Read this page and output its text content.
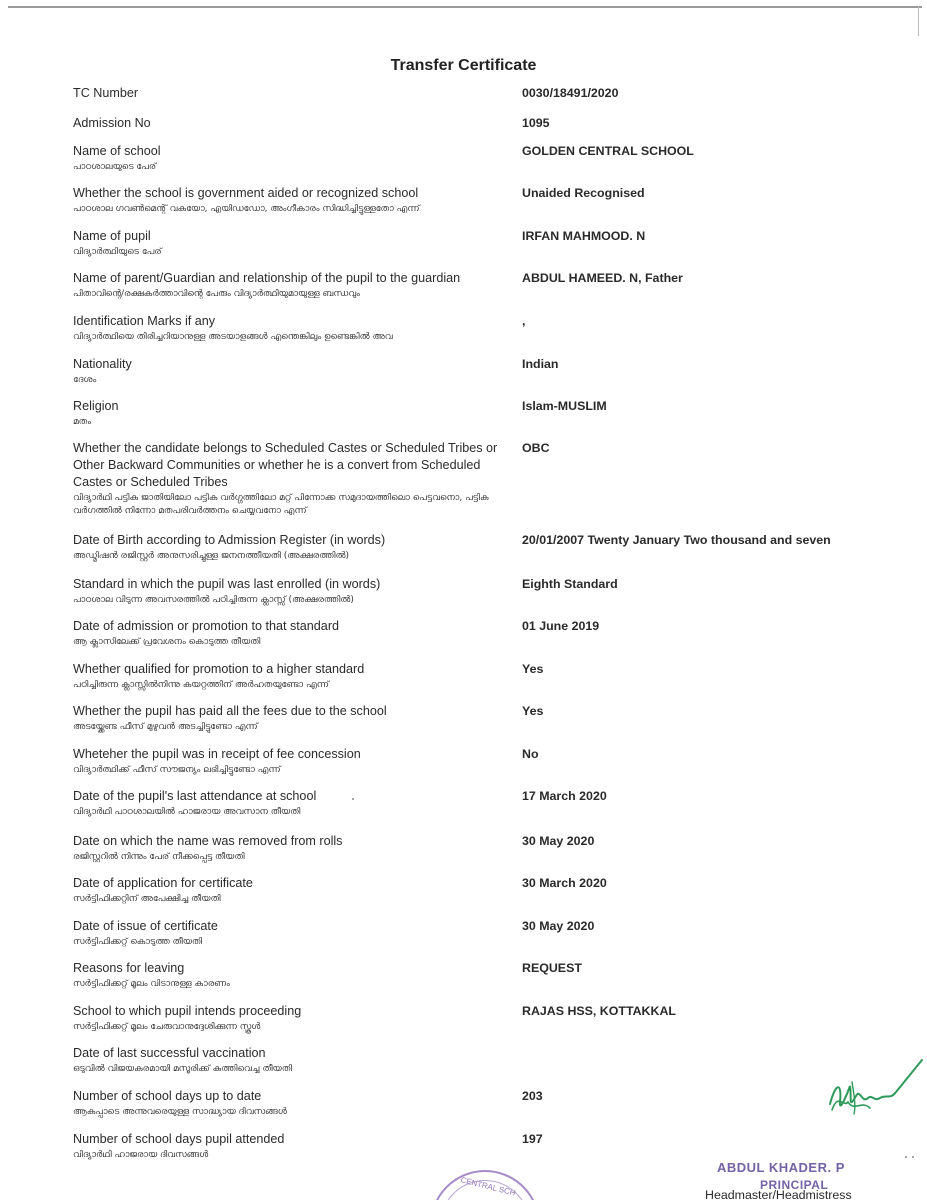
Transfer Certificate
TC Number	0030/18491/2020
Admission No	1095
Name of school
പാഠശാലയുടെ പേര്
GOLDEN CENTRAL SCHOOL
Whether the school is government aided or recognized school
പാഠശാല ഗവണ്‍മെന്റ് വകയോ, എയിഡഡോ, അംഗീകാരം സിദ്ധിച്ചിട്ടുള്ളതോ എന്ന്
Unaided Recognised
Name of pupil
വിദ്യാര്‍ത്ഥിയുടെ പേര്
IRFAN MAHMOOD. N
Name of parent/Guardian and relationship of the pupil to the guardian
പിതാവിന്റെ/രക്ഷകര്‍ത്താവിന്റെ പേരും വിദ്യാര്‍ത്ഥിയുമായുള്ള ബന്ധവും
ABDUL HAMEED. N, Father
Identification Marks if any
വിദ്യാര്‍ത്ഥിയെ തിരിച്ചറിയാനുള്ള അടയാളങ്ങള്‍ എന്തെങ്കിലും ഉണ്ടെങ്കില്‍ അവ
,
Nationality
ദേശം
Indian
Religion
മതം
Islam-MUSLIM
Whether the candidate belongs to Scheduled Castes or Scheduled Tribes or Other Backward Communities or whether he is a convert from Scheduled Castes or Scheduled Tribes
വിദ്യാര്‍ഥി പട്ടിക ജാതിയിലോ പട്ടിക വര്‍ഗ്ഗത്തിലോ മറ്റ് പിന്നോക്ക സമുദായത്തിലൊ പെട്ടവനൊ, പട്ടിക വര്‍ഗത്തില്‍ നിന്നോ മതപരിവര്‍ത്തനം ചെയ്യവനോ എന്ന്
OBC
Date of Birth according to Admission Register (in words)
അഡ്മിഷന്‍ രജിസ്റ്റര്‍ അനുസരിച്ചുള്ള ജനനത്തീയതി (അക്ഷരത്തില്‍)
20/01/2007 Twenty January Two thousand and seven
Standard in which the pupil was last enrolled (in words)
പാഠശാല വിടുന്ന അവസരത്തില്‍ പഠിച്ചിരുന്ന ക്ലാസ്സ് (അക്ഷരത്തില്‍)
Eighth Standard
Date of admission or promotion to that standard
ആ ക്ലാസിലേക്ക് പ്രവേശനം കൊടുത്ത തീയതി
01 June 2019
Whether qualified for promotion to a higher standard
പഠിച്ചിരുന്ന ക്ലാസ്സില്‍നിന്നു കയറ്റത്തിന് അര്‍ഹതയുണ്ടോ എന്ന്
Yes
Whether the pupil has paid all the fees due to the school
അടയ്ക്കേണ്ട ഫീസ് മുഴുവന്‍ അടച്ചിട്ടുണ്ടോ എന്ന്
Yes
Wheteher the pupil was in receipt of fee concession
വിദ്യാര്‍ത്ഥിക്ക് ഫീസ് സൗജന്യം ലഭിച്ചിട്ടുണ്ടോ എന്ന്
No
Date of the pupil's last attendance at school
വിദ്യാര്‍ഥി പാഠശാലയില്‍ ഹാജരായ അവസാന തീയതി
17 March 2020
Date on which the name was removed from rolls
രജിസ്റ്ററില്‍ നിന്നും പേര് നീക്കപ്പെട്ട തീയതി
30 May 2020
Date of application for certificate
സര്‍ട്ടിഫിക്കറ്റിന് അപേക്ഷിച്ച തീയതി
30 March 2020
Date of issue of certificate
സര്‍ട്ടിഫിക്കറ്റ് കൊടുത്ത തീയതി
30 May 2020
Reasons for leaving
സര്‍ട്ടിഫിക്കറ്റ് മൂലം വിടാനുള്ള കാരണം
REQUEST
School to which pupil intends proceeding
സര്‍ട്ടിഫിക്കറ്റ് മൂലം ചേരുവാനുദ്ദേശിക്കുന്ന സ്കൂള്‍
RAJAS HSS, KOTTAKKAL
Date of last successful vaccination
ഒടുവില്‍ വിജയകരമായി മസൂരിക്ക് കുത്തിവെച്ച തീയതി
Number of school days up to date
ആകപ്പാടെ അന്നുവരെയുള്ള സാദ്ധ്യായ ദിവസങ്ങള്‍
203
Number of school days pupil attended
വിദ്യാര്‍ഥി ഹാജരായ ദിവസങ്ങള്‍
197
CENTRAL SCH
ABDUL KHADER. P
PRINCIPAL
Headmaster/Headmistress
